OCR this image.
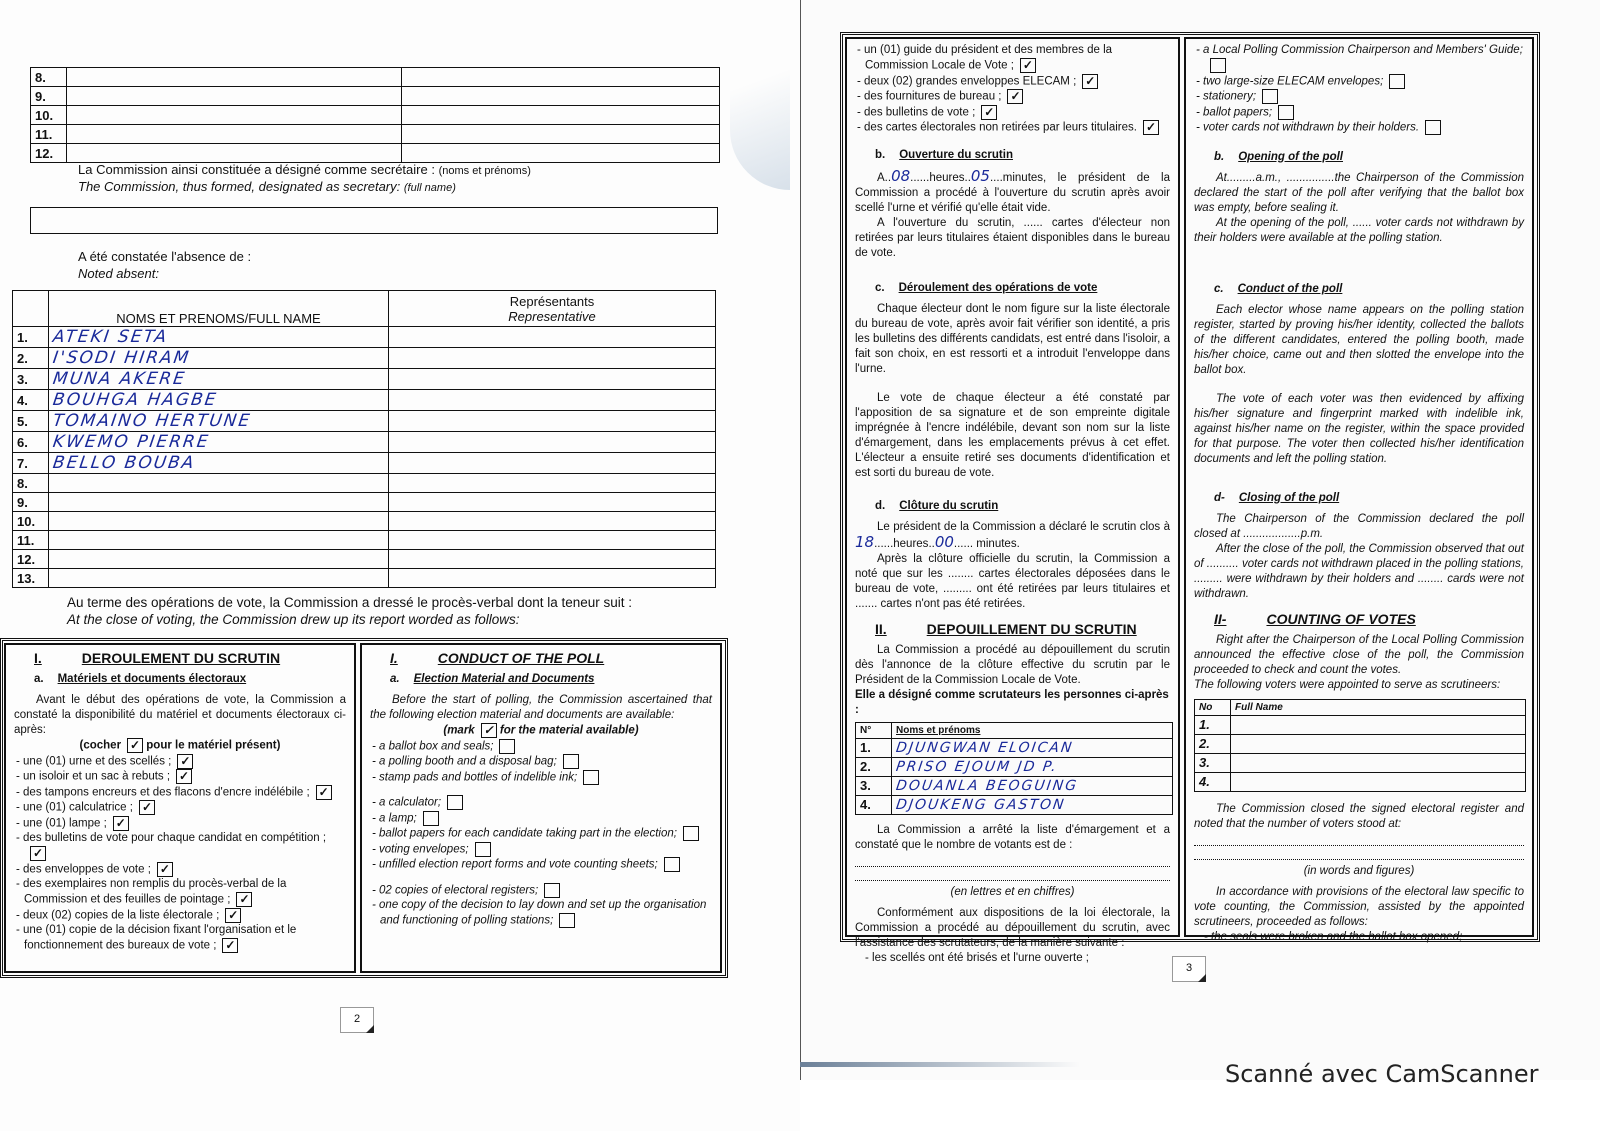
8.		
9.		
10.		
11.		
12.		
La Commission ainsi constituée a désigné comme secrétaire : (noms et prénoms)
The Commission, thus formed, designated as secretary: (full name)
A été constatée l'absence de :
Noted absent:
	NOMS ET PRENOMS/FULL NAME	Représentants
Representative

1.	ATEKI SETA	
2.	I'SODI HIRAM	
3.	MUNA AKERE	
4.	BOUHGA HAGBE	
5.	TOMAINO HERTUNE	
6.	KWEMO PIERRE	
7.	BELLO BOUBA	
8.		
9.		
10.		
11.		
12.		
13.		
Au terme des opérations de vote, la Commission a dressé le procès-verbal dont la teneur suit :
At the close of voting, the Commission drew up its report worded as follows:
I.	DEROULEMENT DU SCRUTIN
a. Matériels et documents électoraux

Avant le début des opérations de vote, la Commission a constaté la disponibilité du matériel et documents électoraux ci-après:

(cocher ✓ pour le matériel présent)

- une (01) urne et des scellés ; ✓

- un isoloir et un sac à rebuts ; ✓

- des tampons encreurs et des flacons d'encre indélébile ; ✓

- une (01) calculatrice ; ✓

- une (01) lampe ; ✓

- des bulletins de vote pour chaque candidat en compétition ;✓

- des enveloppes de vote ; ✓

- des exemplaires non remplis du procès-verbal de la Commission et des feuilles de pointage ; ✓

- deux (02) copies de la liste électorale ; ✓

- une (01) copie de la décision fixant l'organisation et le fonctionnement des bureaux de vote ; ✓

I.	CONDUCT OF THE POLL
a. Election Material and Documents

Before the start of polling, the Commission ascertained that the following election material and documents are available:

(mark ✓ for the material available)

- a ballot box and seals;

- a polling booth and a disposal bag;

- stamp pads and bottles of indelible ink;

- a calculator;

- a lamp;

- ballot papers for each candidate taking part in the election;

- voting envelopes;

- unfilled election report forms and vote counting sheets;

- 02 copies of electoral registers;

- one copy of the decision to lay down and set up the organisation and functioning of polling stations;

2

- un (01) guide du président et des membres de la Commission Locale de Vote ; ✓

- deux (02) grandes enveloppes ELECAM ; ✓

- des fournitures de bureau ; ✓

- des bulletins de vote ; ✓

- des cartes électorales non retirées par leurs titulaires. ✓

b. Ouverture du scrutin

A..08......heures..05....minutes, le président de la Commission a procédé à l'ouverture du scrutin après avoir scellé l'urne et vérifié qu'elle était vide.

A l'ouverture du scrutin, ...... cartes d'électeur non retirées par leurs titulaires étaient disponibles dans le bureau de vote.

c. Déroulement des opérations de vote

Chaque électeur dont le nom figure sur la liste électorale du bureau de vote, après avoir fait vérifier son identité, a pris les bulletins des différents candidats, est entré dans l'isoloir, a fait son choix, en est ressorti et a introduit l'enveloppe dans l'urne.

Le vote de chaque électeur a été constaté par l'apposition de sa signature et de son empreinte digitale imprégnée à l'encre indélébile, devant son nom sur la liste d'émargement, dans les emplacements prévus à cet effet. L'électeur a ensuite retiré ses documents d'identification et est sorti du bureau de vote.

d. Clôture du scrutin

Le président de la Commission a déclaré le scrutin clos à 18......heures..00...... minutes.

Après la clôture officielle du scrutin, la Commission a noté que sur les ........ cartes électorales déposées dans le bureau de vote, ......... ont été retirées par leurs titulaires et ....... cartes n'ont pas été retirées.

II.	DEPOUILLEMENT DU SCRUTIN

La Commission a procédé au dépouillement du scrutin dès l'annonce de la clôture effective du scrutin par le Président de la Commission Locale de Vote.

Elle a désigné comme scrutateurs les personnes ci-après :

N°	Noms et prénoms
1.	DJUNGWAN ELOICAN
2.	PRISO EJOUM JD P.
3.	DOUANLA BEOGUING
4.	DJOUKENG GASTON

La Commission a arrêté la liste d'émargement et a constaté que le nombre de votants est de :

(en lettres et en chiffres)

Conformément aux dispositions de la loi électorale, la Commission a procédé au dépouillement du scrutin, avec l'assistance des scrutateurs, de la manière suivante :

- les scellés ont été brisés et l'urne ouverte ;

- a Local Polling Commission Chairperson and Members' Guide;

- two large-size ELECAM envelopes;

- stationery;

- ballot papers;

- voter cards not withdrawn by their holders.

b. Opening of the poll

At.........a.m., ...............the Chairperson of the Commission declared the start of the poll after verifying that the ballot box was empty, before sealing it.

At the opening of the poll, ...... voter cards not withdrawn by their holders were available at the polling station.

c. Conduct of the poll

Each elector whose name appears on the polling station register, started by proving his/her identity, collected the ballots of the different candidates, entered the polling booth, made his/her choice, came out and then slotted the envelope into the ballot box.

The vote of each voter was then evidenced by affixing his/her signature and fingerprint marked with indelible ink, against his/her name on the register, within the space provided for that purpose. The voter then collected his/her identification documents and left the polling station.

d- Closing of the poll

The Chairperson of the Commission declared the poll closed at ..................p.m.

After the close of the poll, the Commission observed that out of .......... voter cards not withdrawn placed in the polling stations, ......... were withdrawn by their holders and ........ cards were not withdrawn.

II-	COUNTING OF VOTES

Right after the Chairperson of the Local Polling Commission announced the effective close of the poll, the Commission proceeded to check and count the votes.

The following voters were appointed to serve as scrutineers:

No	Full Name
1.	
2.	
3.	
4.	

The Commission closed the signed electoral register and noted that the number of voters stood at:

(in words and figures)

In accordance with provisions of the electoral law specific to vote counting, the Commission, assisted by the appointed scrutineers, proceeded as follows:

- the seals were broken and the ballot box opened;

3
Scanné avec CamScanner
